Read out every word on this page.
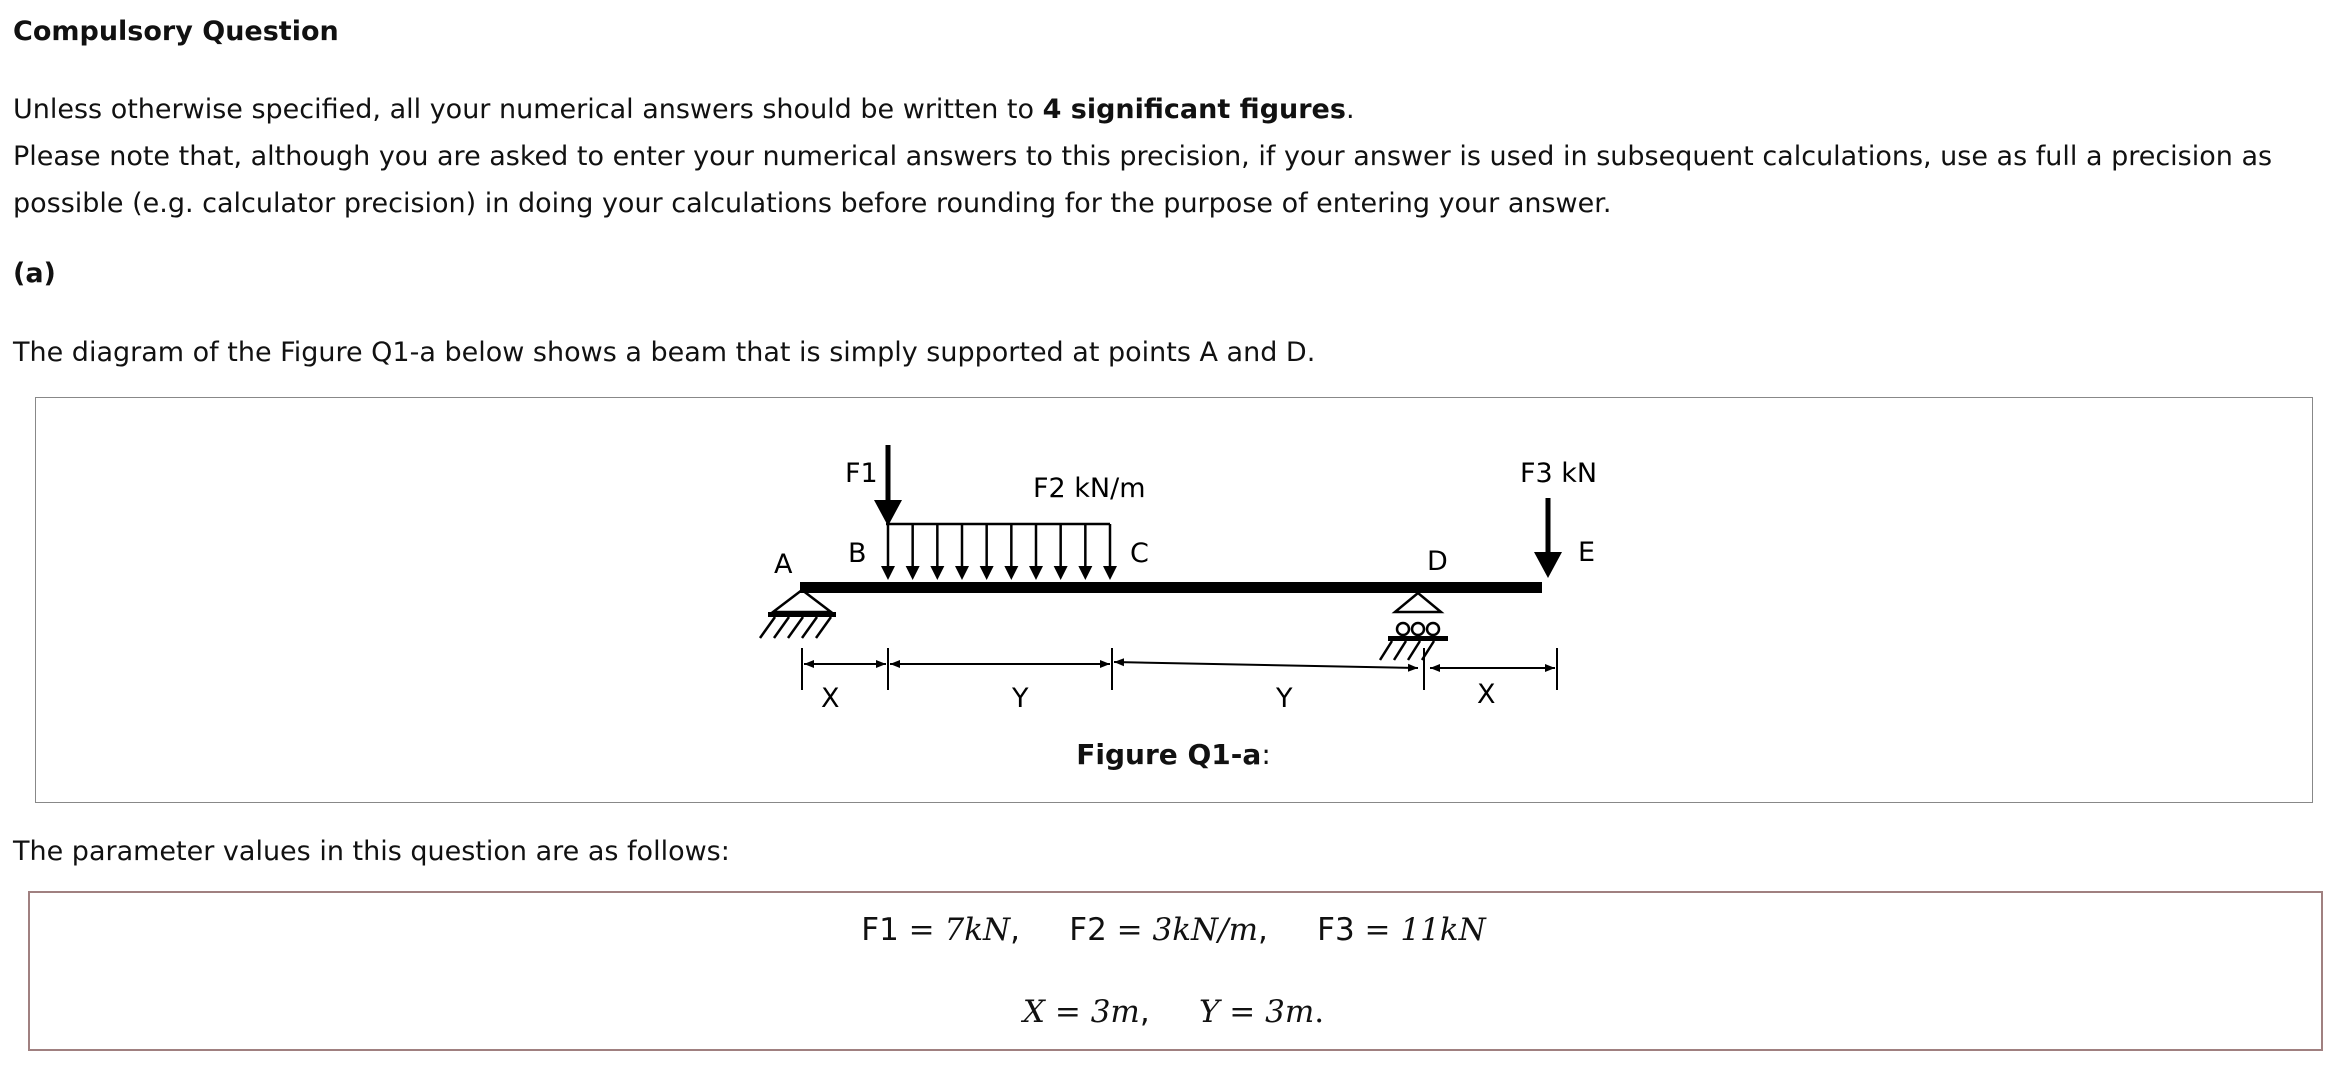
Compulsory Question

Unless otherwise specified, all your numerical answers should be written to 4 significant figures.

Please note that, although you are asked to enter your numerical answers to this precision, if your answer is used in subsequent calculations, use as full a precision as possible (e.g. calculator precision) in doing your calculations before rounding for the purpose of entering your answer.

(a)

The diagram of the Figure Q1-a below shows a beam that is simply supported at points A and D.

F1	F2 kN/m	F3 kN
A B	C	D	E
X	Y	Y	X
Figure Q1-a:

The parameter values in this question are as follows:

F1 = 7kN,     F2 = 3kN/m,     F3 = 11kN
X = 3m,     Y = 3m.
